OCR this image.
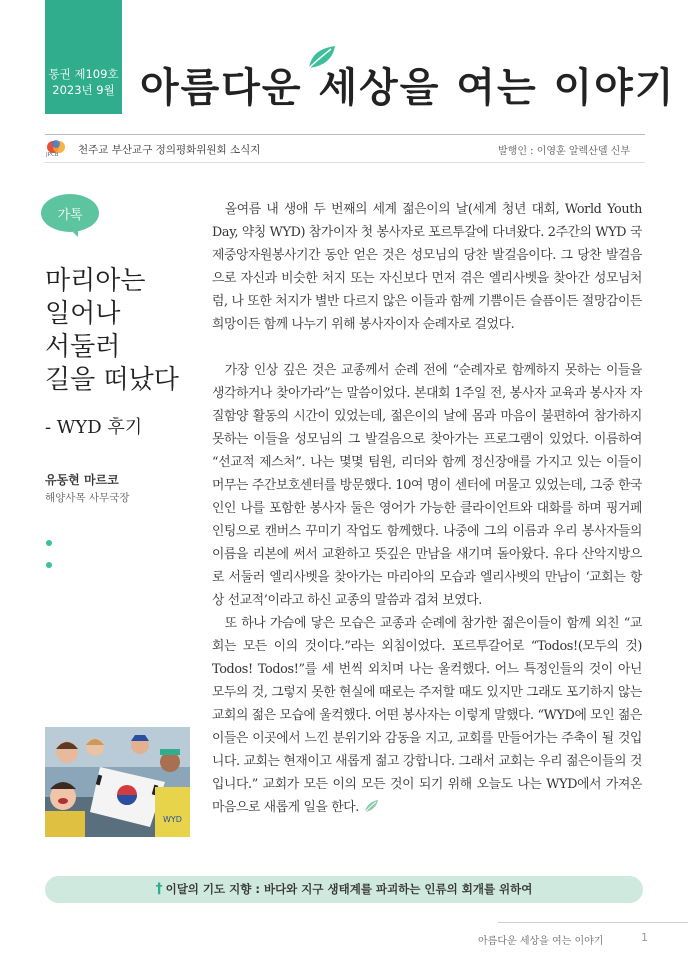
통권 제109호
2023년 9월 아름다운 세상을 여는 이야기
JPCB 천주교 부산교구 정의평화위원회 소식지	발행인 : 이영훈 알렉산델 신부
가톡
마리아는
일어나
서둘러
길을 떠났다
- WYD 후기
유동현 마르코
해양사목 사무국장
WYD

올여름 내 생애 두 번째의 세계 젊은이의 날(세계 청년 대회, World Youth Day, 약칭 WYD) 참가이자 첫 봉사자로 포르투갈에 다녀왔다. 2주간의 WYD 국제중앙자원봉사기간 동안 얻은 것은 성모님의 당찬 발걸음이다. 그 당찬 발걸음으로 자신과 비슷한 처지 또는 자신보다 먼저 겪은 엘리사벳을 찾아간 성모님처럼, 나 또한 처지가 별반 다르지 않은 이들과 함께 기쁨이든 슬픔이든 절망감이든 희망이든 함께 나누기 위해 봉사자이자 순례자로 걸었다.

가장 인상 깊은 것은 교종께서 순례 전에 “순례자로 함께하지 못하는 이들을 생각하거나 찾아가라”는 말씀이었다. 본대회 1주일 전, 봉사자 교육과 봉사자 자질함양 활동의 시간이 있었는데, 젊은이의 날에 몸과 마음이 불편하여 참가하지 못하는 이들을 성모님의 그 발걸음으로 찾아가는 프로그램이 있었다. 이름하여 “선교적 제스처”. 나는 몇몇 팀원, 리더와 함께 정신장애를 가지고 있는 이들이 머무는 주간보호센터를 방문했다. 10여 명이 센터에 머물고 있었는데, 그중 한국인인 나를 포함한 봉사자 둘은 영어가 가능한 클라이언트와 대화를 하며 핑거페인팅으로 캔버스 꾸미기 작업도 함께했다. 나중에 그의 이름과 우리 봉사자들의 이름을 리본에 써서 교환하고 뜻깊은 만남을 새기며 돌아왔다. 유다 산악지방으로 서둘러 엘리사벳을 찾아가는 마리아의 모습과 엘리사벳의 만남이 ‘교회는 항상 선교적’이라고 하신 교종의 말씀과 겹쳐 보였다.

또 하나 가슴에 닿은 모습은 교종과 순례에 참가한 젊은이들이 함께 외친 “교회는 모든 이의 것이다.”라는 외침이었다. 포르투갈어로 “Todos!(모두의 것) Todos! Todos!”를 세 번씩 외치며 나는 울컥했다. 어느 특정인들의 것이 아닌 모두의 것, 그렇지 못한 현실에 때로는 주저할 때도 있지만 그래도 포기하지 않는 교회의 젊은 모습에 울컥했다. 어떤 봉사자는 이렇게 말했다. “WYD에 모인 젊은이들은 이곳에서 느낀 분위기와 감동을 지고, 교회를 만들어가는 주축이 될 것입니다. 교회는 현재이고 새롭게 젊고 강합니다. 그래서 교회는 우리 젊은이들의 것입니다.” 교회가 모든 이의 모든 것이 되기 위해 오늘도 나는 WYD에서 가져온 마음으로 새롭게 일을 한다.

† 이달의 기도 지향 : 바다와 지구 생태계를 파괴하는 인류의 회개를 위하여
아름다운 세상을 여는 이야기	1
